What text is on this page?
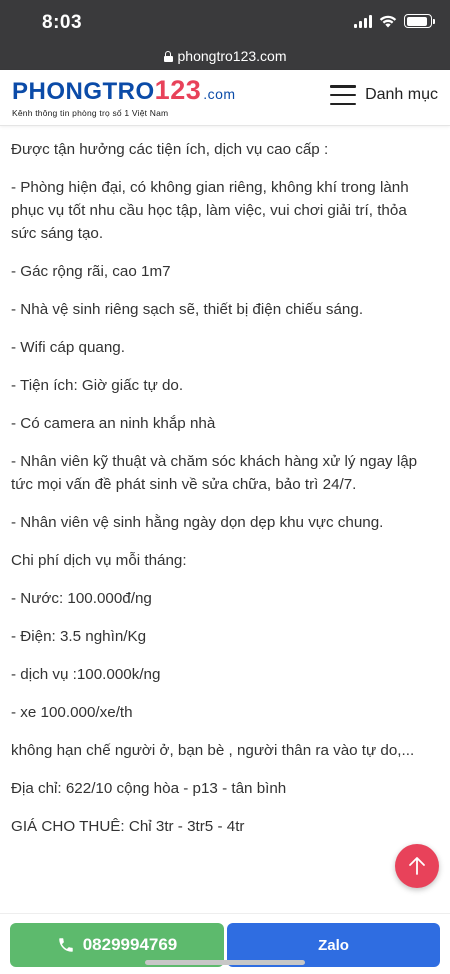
8:03
phongtro123.com
PHONGTRO123 .com
Kênh thông tin phòng trọ số 1 Việt Nam
Danh mục

Được tận hưởng các tiện ích, dịch vụ cao cấp :

- Phòng hiện đại, có không gian riêng, không khí trong lành phục vụ tốt nhu cầu học tập, làm việc, vui chơi giải trí, thỏa sức sáng tạo.

- Gác rộng rãi, cao 1m7

- Nhà vệ sinh riêng sạch sẽ, thiết bị điện chiếu sáng.

- Wifi cáp quang.

- Tiện ích: Giờ giấc tự do.

- Có camera an ninh khắp nhà

- Nhân viên kỹ thuật và chăm sóc khách hàng xử lý ngay lập tức mọi vấn đề phát sinh về sửa chữa, bảo trì 24/7.

- Nhân viên vệ sinh hằng ngày dọn dẹp khu vực chung.

Chi phí dịch vụ mỗi tháng:

- Nước: 100.000đ/ng

- Điện: 3.5 nghìn/Kg

- dịch vụ :100.000k/ng

- xe 100.000/xe/th

không hạn chế người ở, bạn bè , người thân ra vào tự do,...

Địa chỉ: 622/10 cộng hòa - p13 - tân bình

GIÁ CHO THUÊ: Chỉ 3tr - 3tr5 - 4tr

0829994769	Zalo
